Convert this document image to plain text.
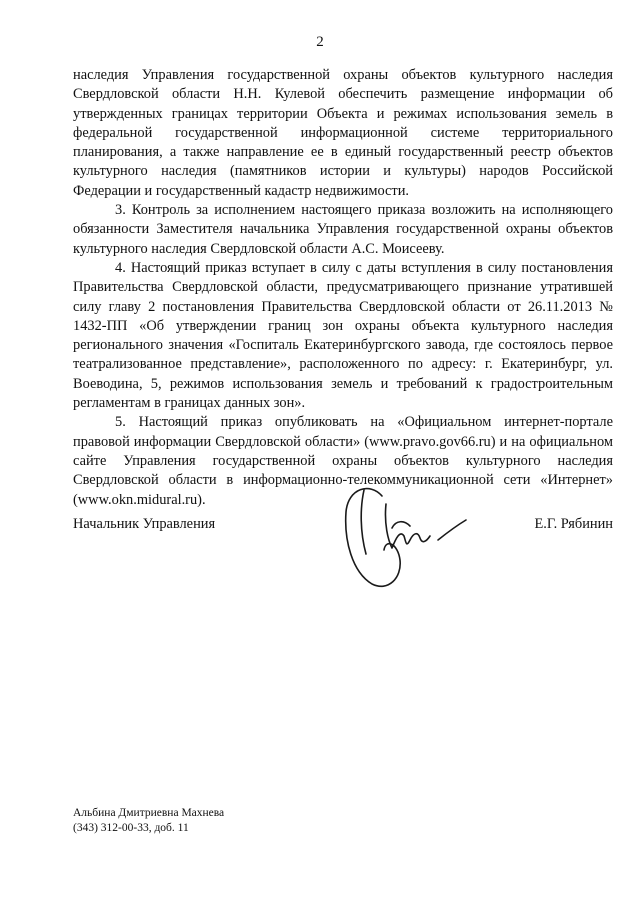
2

наследия Управления государственной охраны объектов культурного наследия Свердловской области Н.Н. Кулевой обеспечить размещение информации об утвержденных границах территории Объекта и режимах использования земель в федеральной государственной информационной системе территориального планирования, а также направление ее в единый государственный реестр объектов культурного наследия (памятников истории и культуры) народов Российской Федерации и государственный кадастр недвижимости.

3. Контроль за исполнением настоящего приказа возложить на исполняющего обязанности Заместителя начальника Управления государственной охраны объектов культурного наследия Свердловской области А.С. Моисееву.

4. Настоящий приказ вступает в силу с даты вступления в силу постановления Правительства Свердловской области, предусматривающего признание утратившей силу главу 2 постановления Правительства Свердловской области от 26.11.2013 № 1432-ПП «Об утверждении границ зон охраны объекта культурного наследия регионального значения «Госпиталь Екатеринбургского завода, где состоялось первое театрализованное представление», расположенного по адресу: г. Екатеринбург, ул. Воеводина, 5, режимов использования земель и требований к градостроительным регламентам в границах данных зон».

5. Настоящий приказ опубликовать на «Официальном интернет-портале правовой информации Свердловской области» (www.pravo.gov66.ru) и на официальном сайте Управления государственной охраны объектов культурного наследия Свердловской области в информационно-телекоммуникационной сети «Интернет» (www.okn.midural.ru).

Начальник Управления	Е.Г. Рябинин
Альбина Дмитриевна Махнева
(343) 312-00-33, доб. 11
